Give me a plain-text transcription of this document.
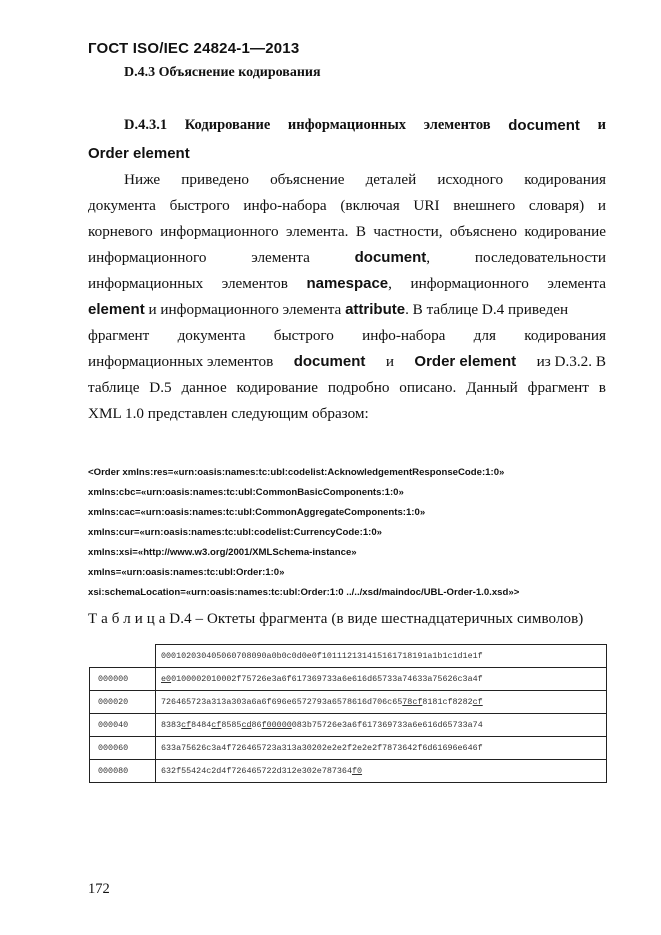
ГОСТ ISO/IEC 24824-1—2013
D.4.3 Объяснение кодирования
D.4.3.1 Кодирование информационных элементов document и
Order element
Ниже приведено объяснение деталей исходного кодирования
документа быстрого инфо-набора (включая URI внешнего словаря) и
корневого информационного элемента. В частности, объяснено кодирование
информационного	элемента	document,	последовательности
информационных элементов namespace, информационного элемента
element
и информационного элемента
attribute . В таблице D.4 приведен
фрагмент документа быстрого инфо-набора для кодирования
информационных элементов document и Order element из D.3.2. В
таблице D.5 данное кодирование подробно описано. Данный фрагмент в
XML 1.0 представлен следующим образом:
<Order xmlns:res=«urn:oasis:names:tc:ubl:codelist:AcknowledgementResponseCode:1:0»
xmlns:cbc=«urn:oasis:names:tc:ubl:CommonBasicComponents:1:0»
xmlns:cac=«urn:oasis:names:tc:ubl:CommonAggregateComponents:1:0»
xmlns:cur=«urn:oasis:names:tc:ubl:codelist:CurrencyCode:1:0»
xmlns:xsi=«http://www.w3.org/2001/XMLSchema-instance»
xmlns=«urn:oasis:names:tc:ubl:Order:1:0»
xsi:schemaLocation=«urn:oasis:names:tc:ubl:Order:1:0 ../../xsd/maindoc/UBL-Order-1.0.xsd»>
Т а б л и ц а D.4 – Октеты фрагмента (в виде шестнадцатеричных символов)
	000102030405060708090a0b0c0d0e0f101112131415161718191a1b1c1d1e1f
000000	e00100002010002f75726e3a6f617369733a6e616d65733a74633a75626c3a4f
000020	726465723a313a303a6a6f696e6572793a6578616d706c6578cf8181cf8282cf
000040	8383cf8484cf8585cd86f00000083b75726e3a6f617369733a6e616d65733a74
000060	633a75626c3a4f726465723a313a30202e2e2f2e2e2f7873642f6d61696e646f
000080	632f55424c2d4f726465722d312e302e787364f0
172
